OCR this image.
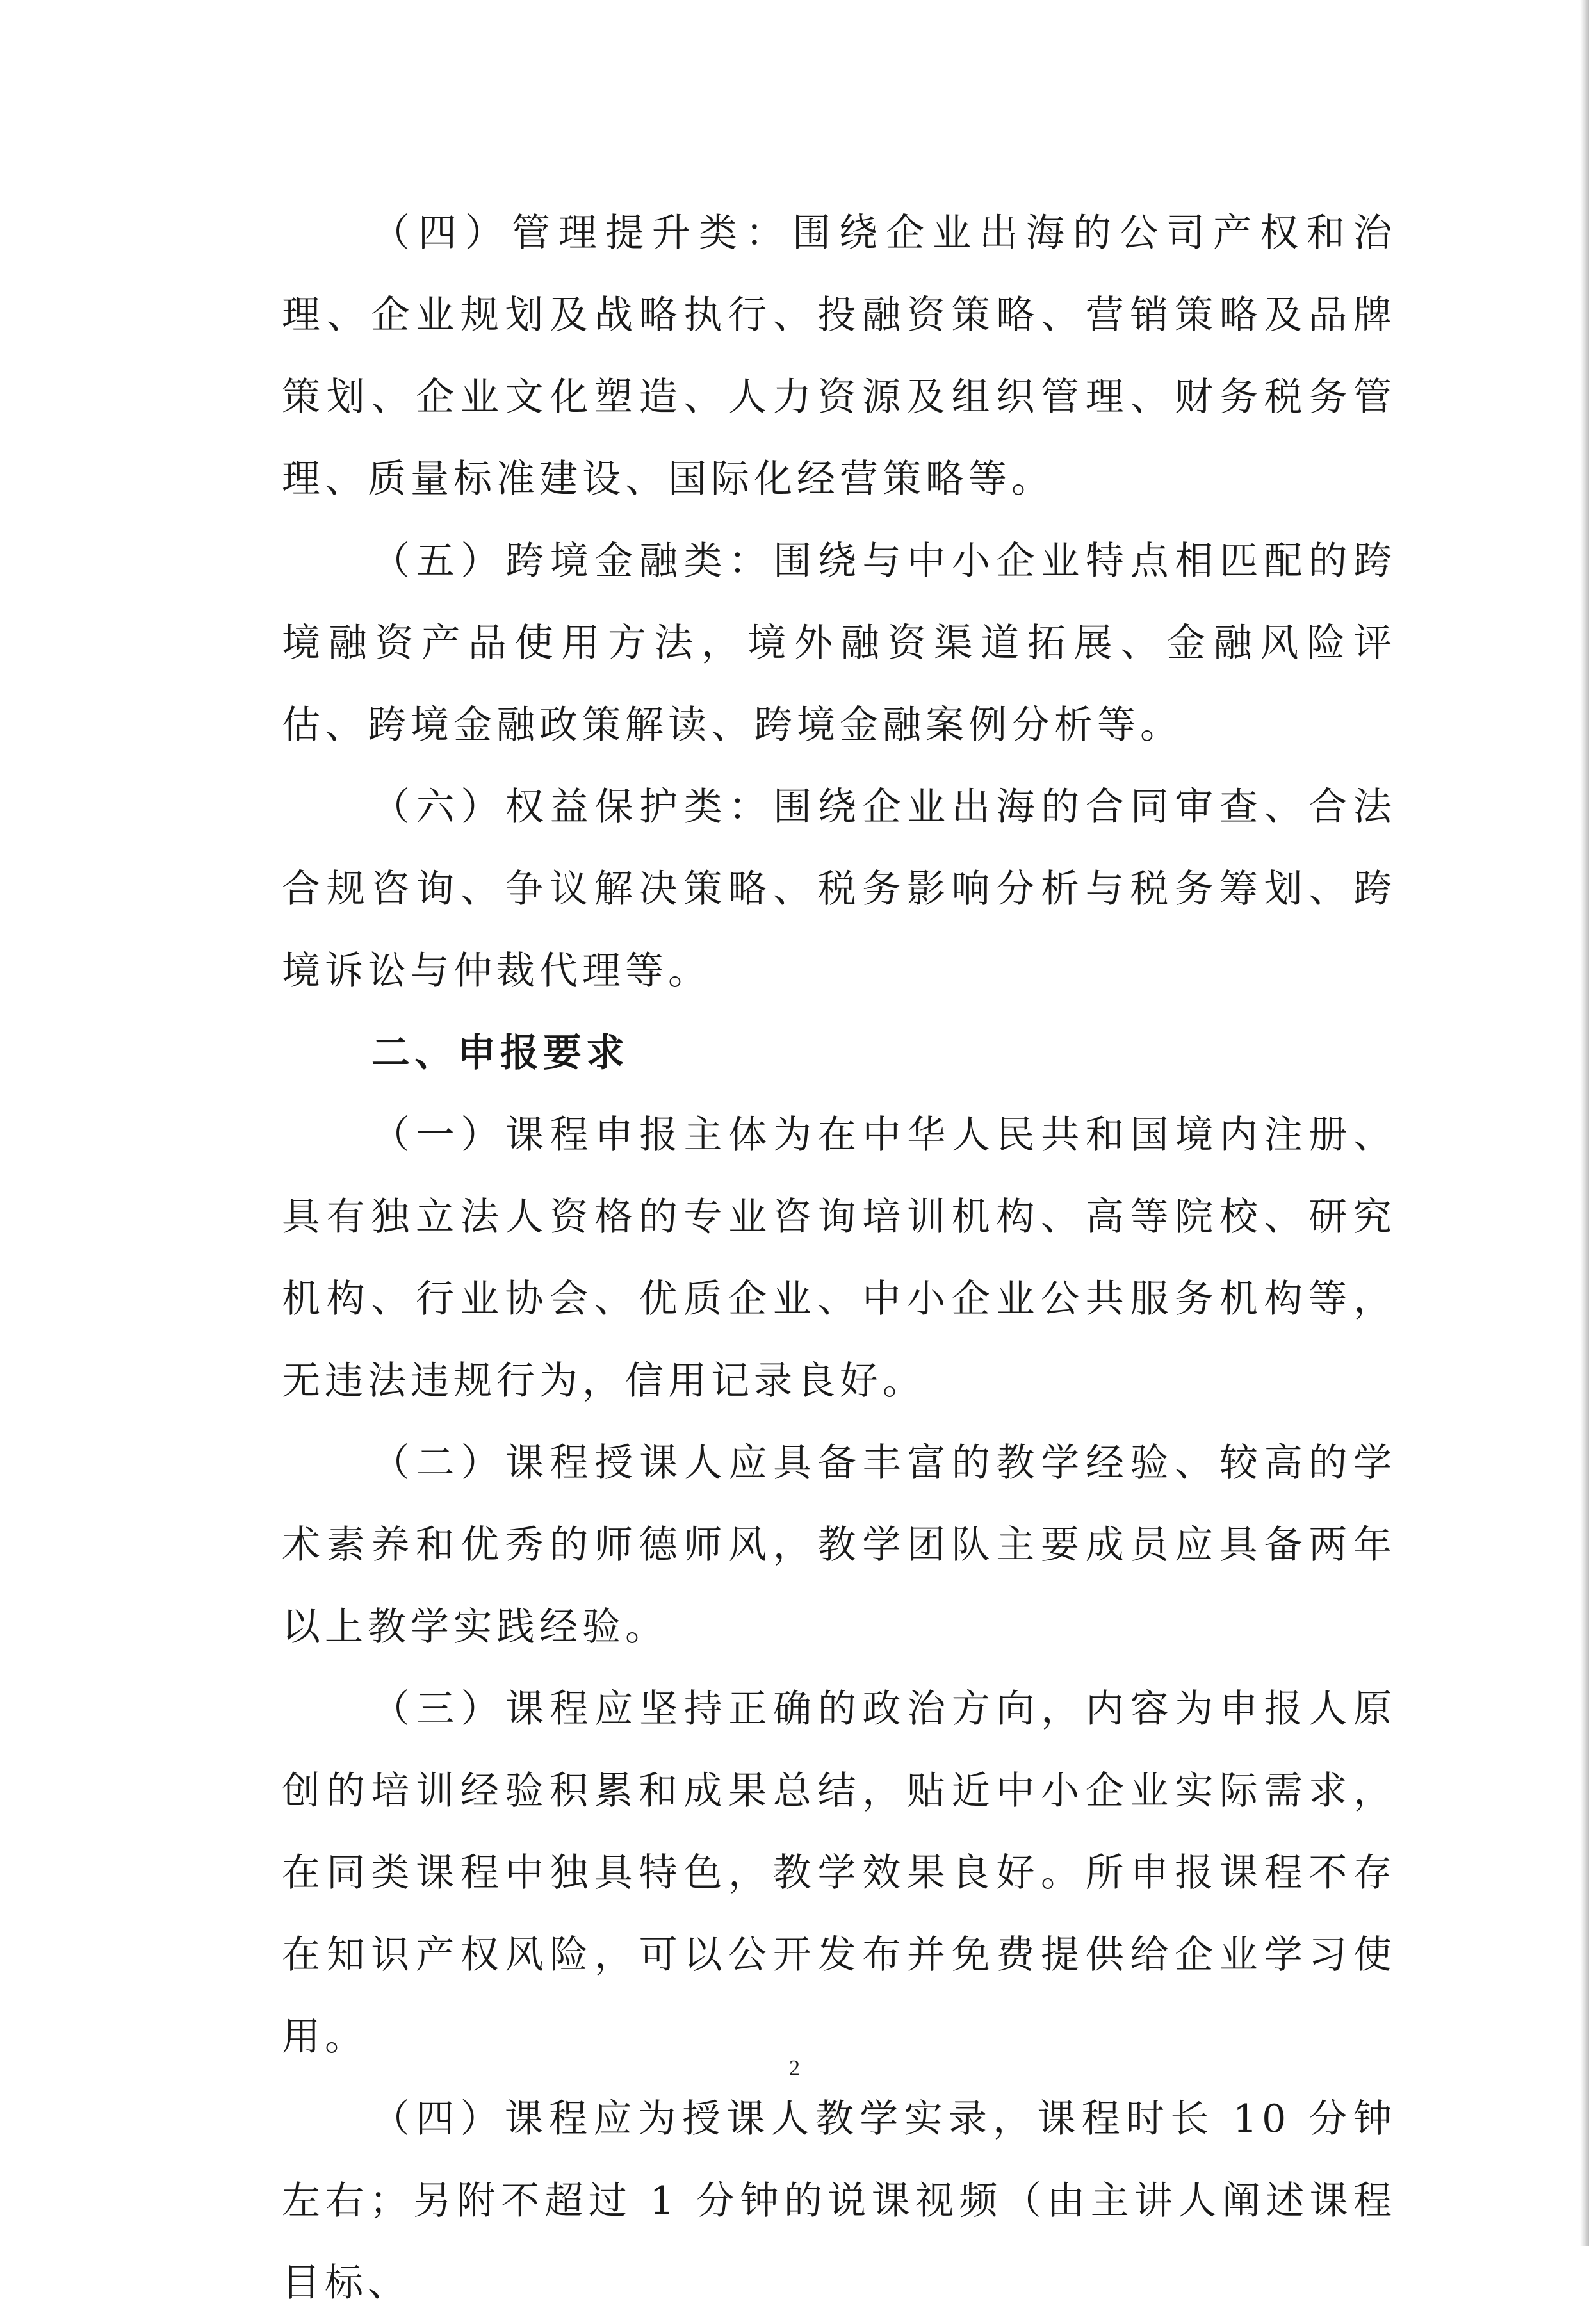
（四）管理提升类：围绕企业出海的公司产权和治理、企业规划及战略执行、投融资策略、营销策略及品牌策划、企业文化塑造、人力资源及组织管理、财务税务管理、质量标准建设、国际化经营策略等。

（五）跨境金融类：围绕与中小企业特点相匹配的跨境融资产品使用方法，境外融资渠道拓展、金融风险评估、跨境金融政策解读、跨境金融案例分析等。

（六）权益保护类：围绕企业出海的合同审查、合法合规咨询、争议解决策略、税务影响分析与税务筹划、跨境诉讼与仲裁代理等。

二、申报要求

（一）课程申报主体为在中华人民共和国境内注册、具有独立法人资格的专业咨询培训机构、高等院校、研究机构、行业协会、优质企业、中小企业公共服务机构等，无违法违规行为，信用记录良好。

（二）课程授课人应具备丰富的教学经验、较高的学术素养和优秀的师德师风，教学团队主要成员应具备两年以上教学实践经验。

（三）课程应坚持正确的政治方向，内容为申报人原创的培训经验积累和成果总结，贴近中小企业实际需求，在同类课程中独具特色，教学效果良好。所申报课程不存在知识产权风险，可以公开发布并免费提供给企业学习使用。

（四）课程应为授课人教学实录，课程时长 10 分钟左右；另附不超过 1 分钟的说课视频（由主讲人阐述课程目标、

2
